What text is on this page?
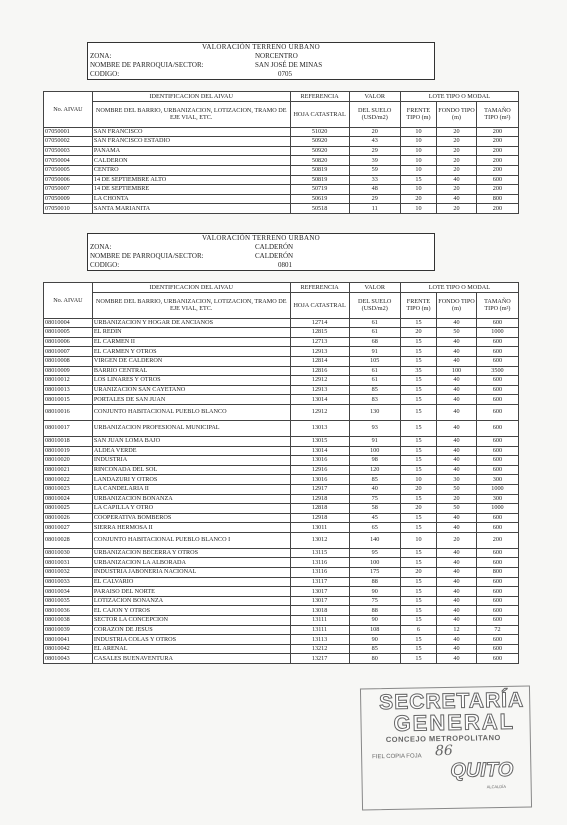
VALORACIÓN TERRENO URBANO
ZONA:	NORCENTRO
NOMBRE DE PARROQUIA/SECTOR:	SAN JOSÉ DE MINAS
CODIGO:	0705
No. AIVAU	IDENTIFICACION DEL AIVAU	REFERENCIA	VALOR	LOTE TIPO O MODAL		
	NOMBRE DEL BARRIO, URBANIZACION, LOTIZACION, TRAMO DE EJE VIAL, ETC.	HOJA CATASTRAL	DEL SUELO (USD/m2)	FRENTE TIPO (m)	FONDO TIPO (m)	TAMAÑO TIPO (m²)
07050001	SAN FRANCISCO	51020	20	10	20	200
07050002	SAN FRANCISCO ESTADIO	50920	43	10	20	200
07050003	PANAMA	50920	29	10	20	200
07050004	CALDERON	50820	39	10	20	200
07050005	CENTRO	50819	59	10	20	200
07050006	14 DE SEPTIEMBRE ALTO	50819	33	15	40	600
07050007	14 DE SEPTIEMBRE	50719	48	10	20	200
07050009	LA CHONTA	50619	29	20	40	800
07050010	SANTA MARIANITA	50518	11	10	20	200
VALORACIÓN TERRENO URBANO
ZONA:	CALDERÓN
NOMBRE DE PARROQUIA/SECTOR:	CALDERÓN
CODIGO:	0801
No. AIVAU	IDENTIFICACION DEL AIVAU	REFERENCIA	VALOR	LOTE TIPO O MODAL		
	NOMBRE DEL BARRIO, URBANIZACION, LOTIZACION, TRAMO DE EJE VIAL, ETC.	HOJA CATASTRAL	DEL SUELO (USD/m2)	FRENTE TIPO (m)	FONDO TIPO (m)	TAMAÑO TIPO (m²)
08010004	URBANIZACION Y HOGAR DE ANCIANOS	12714	61	15	40	600
08010005	EL REDIN	12815	61	20	50	1000
08010006	EL CARMEN II	12713	68	15	40	600
08010007	EL CARMEN Y OTROS	12913	91	15	40	600
08010008	VIRGEN DE CALDERON	12814	105	15	40	600
08010009	BARRIO CENTRAL	12816	61	35	100	3500
08010012	LOS LINARES Y OTROS	12912	61	15	40	600
08010013	URANIZACION SAN CAYETANO	12913	85	15	40	600
08010015	PORTALES DE SAN JUAN	13014	83	15	40	600
08010016	CONJUNTO HABITACIONAL PUEBLO BLANCO	12912	130	15	40	600
08010017	URBANIZACION PROFESIONAL MUNICIPAL	13013	93	15	40	600
08010018	SAN JUAN LOMA BAJO	13015	91	15	40	600
08010019	ALDEA VERDE	13014	100	15	40	600
08010020	INDUSTRIA	13016	98	15	40	600
08010021	RINCONADA DEL SOL	12916	120	15	40	600
08010022	LANDAZURI Y OTROS	13016	85	10	30	300
08010023	LA CANDELARIA II	12917	40	20	50	1000
08010024	URBANIZACION BONANZA	12918	75	15	20	300
08010025	LA CAPILLA Y OTRO	12818	58	20	50	1000
08010026	COOPERATIVA BOMBEROS	12918	45	15	40	600
08010027	SIERRA HERMOSA II	13011	65	15	40	600
08010028	CONJUNTO HABITACIONAL PUEBLO BLANCO I	13012	140	10	20	200
08010030	URBANIZACION BECERRA Y OTROS	13115	95	15	40	600
08010031	URBANIZACION LA ALBORADA	13116	100	15	40	600
08010032	INDUSTRIA JABONERIA NACIONAL	13116	175	20	40	800
08010033	EL CALVARIO	13117	88	15	40	600
08010034	PARAISO DEL NORTE	13017	90	15	40	600
08010035	LOTIZACION BONANZA	13017	75	15	40	600
08010036	EL CAJON Y OTROS	13018	88	15	40	600
08010038	SECTOR LA CONCEPCION	13111	90	15	40	600
08010039	CORAZON DE JESUS	13111	108	6	12	72
08010041	INDUSTRIA COLAS Y OTROS	13113	90	15	40	600
08010042	EL ARENAL	13212	85	15	40	600
08010043	CASALES BUENAVENTURA	13217	80	15	40	600
SECRETARÍA
GENERAL
CONCEJO METROPOLITANO
FIEL COPIA FOJA 86
QUITO
ALCALDÍA
